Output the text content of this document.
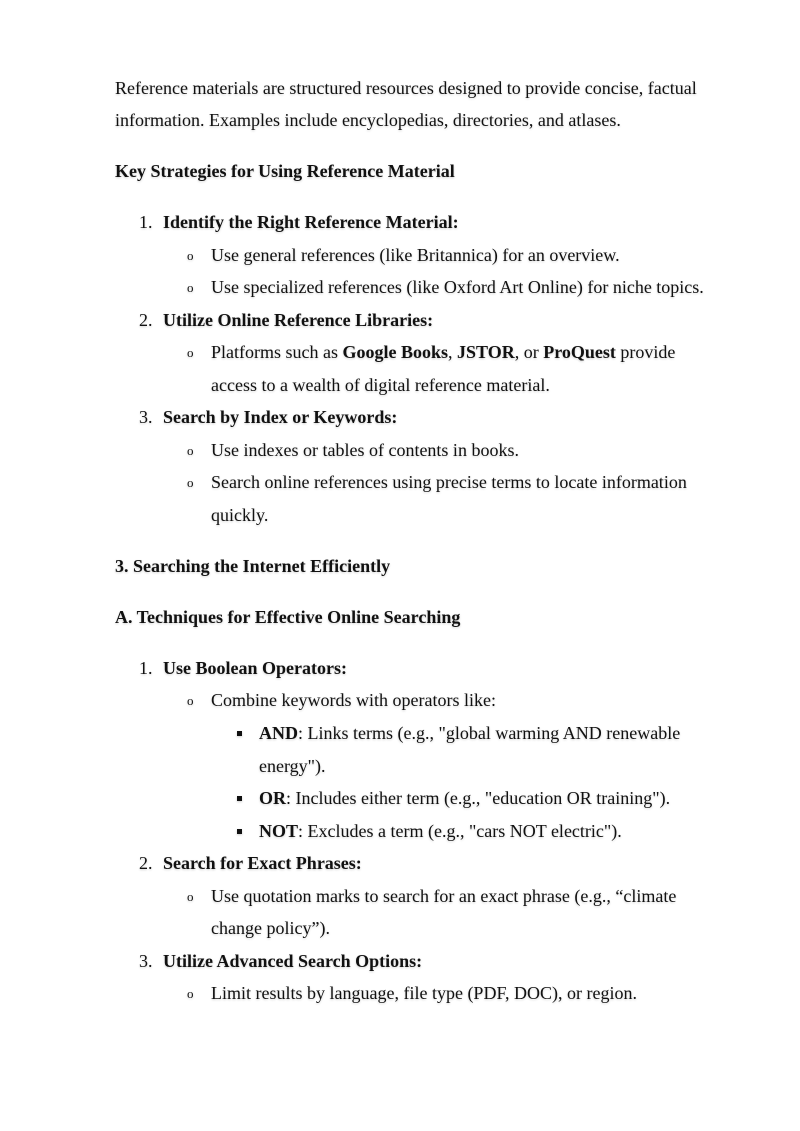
Reference materials are structured resources designed to provide concise, factual
information. Examples include encyclopedias, directories, and atlases.
Key Strategies for Using Reference Material
1. Identify the Right Reference Material:
o Use general references (like Britannica) for an overview.
o Use specialized references (like Oxford Art Online) for niche topics.
2. Utilize Online Reference Libraries:
o Platforms such as Google Books, JSTOR, or ProQuest provide
access to a wealth of digital reference material.
3. Search by Index or Keywords:
o Use indexes or tables of contents in books.
o Search online references using precise terms to locate information
quickly.
3. Searching the Internet Efficiently
A. Techniques for Effective Online Searching
1. Use Boolean Operators:
o Combine keywords with operators like:
AND: Links terms (e.g., "global warming AND renewable
energy").
OR: Includes either term (e.g., "education OR training").
NOT: Excludes a term (e.g., "cars NOT electric").
2. Search for Exact Phrases:
o Use quotation marks to search for an exact phrase (e.g., “climate
change policy”).
3. Utilize Advanced Search Options:
o Limit results by language, file type (PDF, DOC), or region.
